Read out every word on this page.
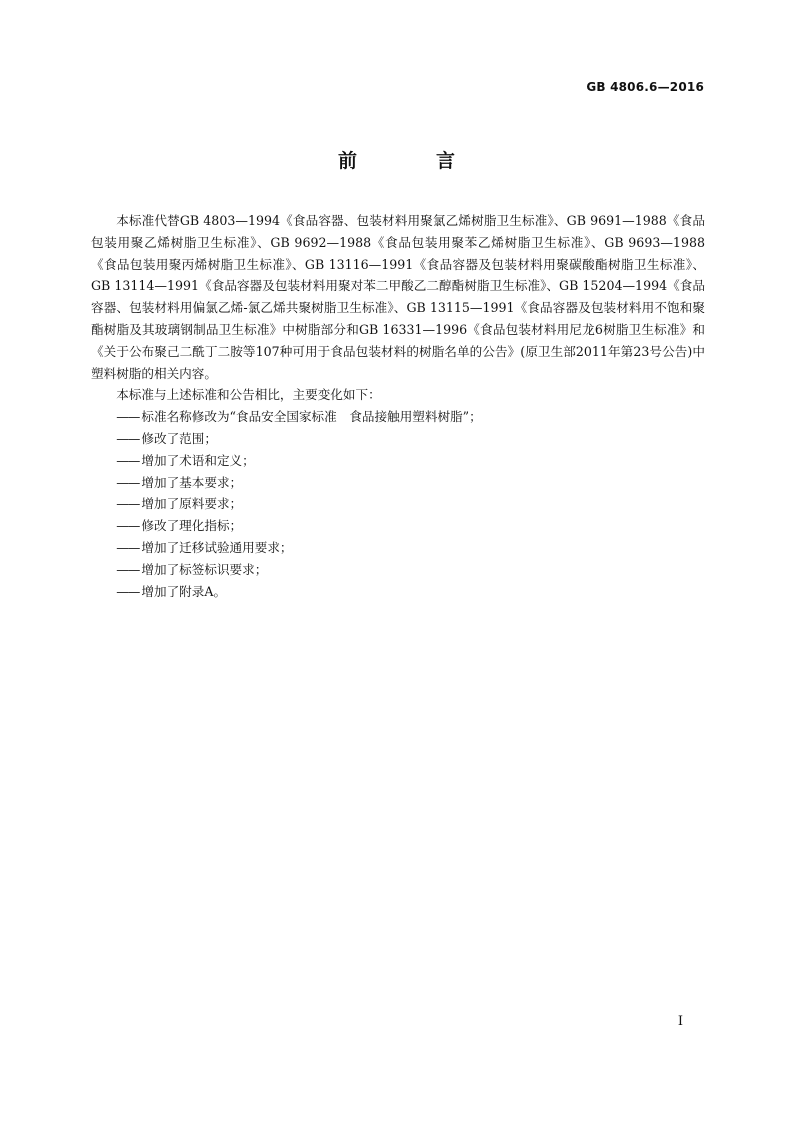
GB 4806.6—2016
前　言

本标准代替GB 4803—1994《食品容器、包装材料用聚氯乙烯树脂卫生标准》、GB 9691—1988《食品包装用聚乙烯树脂卫生标准》、GB 9692—1988《食品包装用聚苯乙烯树脂卫生标准》、GB 9693—1988《食品包装用聚丙烯树脂卫生标准》、GB 13116—1991《食品容器及包装材料用聚碳酸酯树脂卫生标准》、GB 13114—1991《食品容器及包装材料用聚对苯二甲酸乙二醇酯树脂卫生标准》、GB 15204—1994《食品容器、包装材料用偏氯乙烯-氯乙烯共聚树脂卫生标准》、GB 13115—1991《食品容器及包装材料用不饱和聚酯树脂及其玻璃钢制品卫生标准》中树脂部分和GB 16331—1996《食品包装材料用尼龙6树脂卫生标准》和《关于公布聚己二酰丁二胺等107种可用于食品包装材料的树脂名单的公告》(原卫生部2011年第23号公告)中塑料树脂的相关内容。

本标准与上述标准和公告相比，主要变化如下：

—— 标准名称修改为“食品安全国家标准　食品接触用塑料树脂”；
—— 修改了范围；
—— 增加了术语和定义；
—— 增加了基本要求；
—— 增加了原料要求；
—— 修改了理化指标；
—— 增加了迁移试验通用要求；
—— 增加了标签标识要求；
—— 增加了附录A。
I
